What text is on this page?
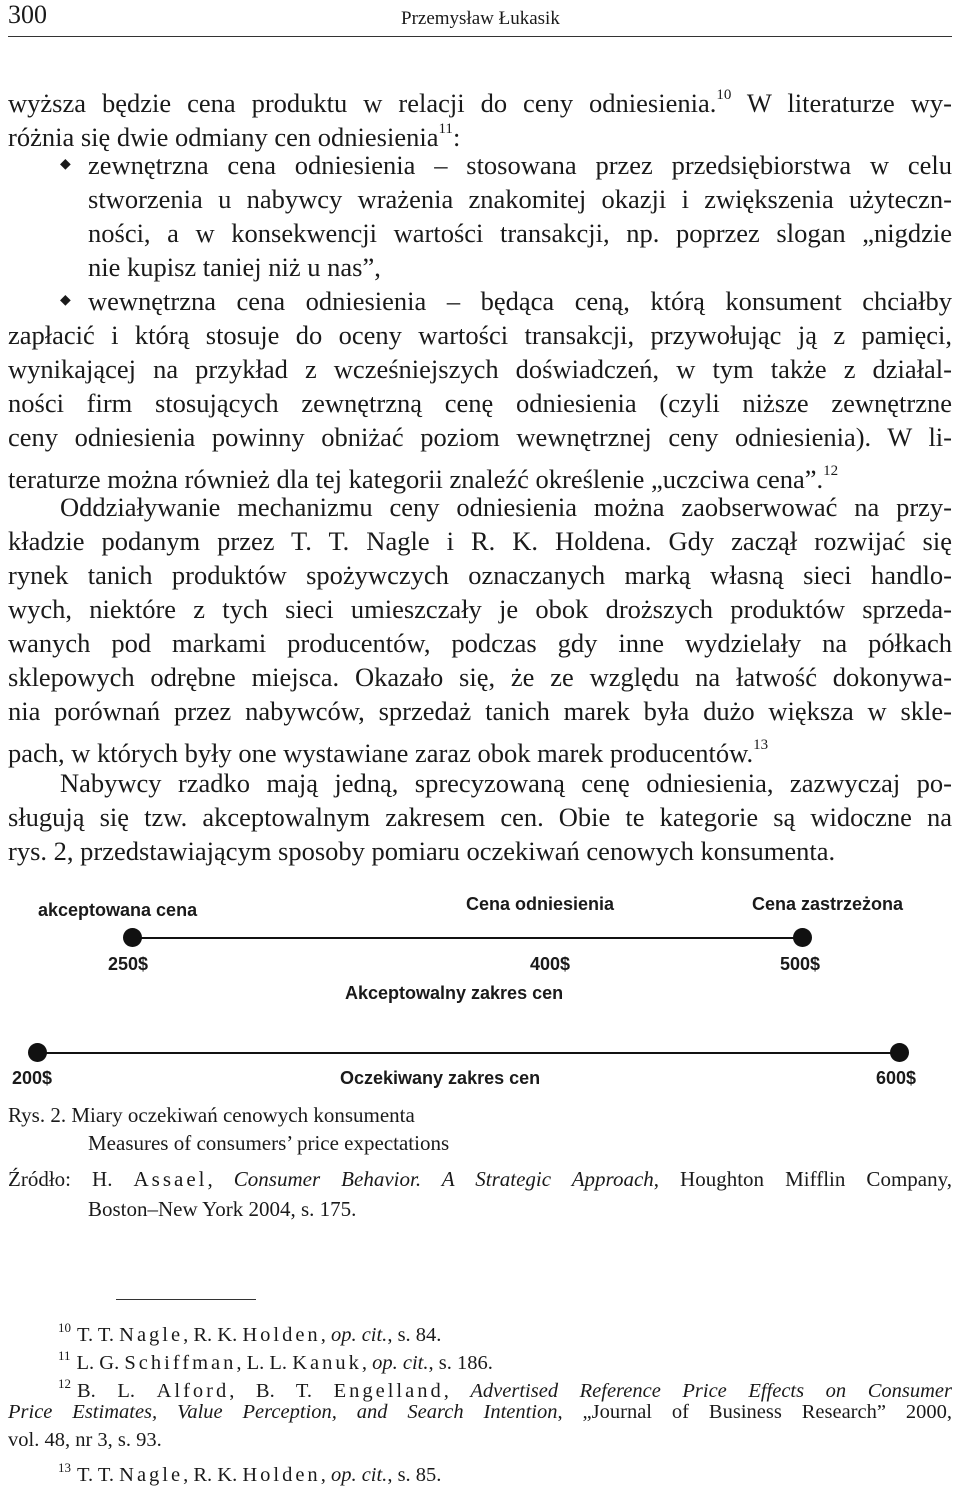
300	Przemysław Łukasik
wyższa będzie cena produktu w relacji do ceny odniesienia.$^{10}$ W literaturze wy-
różnia się dwie odmiany cen odniesienia$^{11}$:
◆ zewnętrzna cena odniesienia – stosowana przez przedsiębiorstwa w celu
stworzenia u nabywcy wrażenia znakomitej okazji i zwiększenia użyteczn-
ności, a w konsekwencji wartości transakcji, np. poprzez slogan „nigdzie
nie kupisz taniej niż u nas”,
◆ wewnętrzna cena odniesienia – będąca ceną, którą konsument chciałby
zapłacić i którą stosuje do oceny wartości transakcji, przywołując ją z pamięci,
wynikającej na przykład z wcześniejszych doświadczeń, w tym także z działal-
ności firm stosujących zewnętrzną cenę odniesienia (czyli niższe zewnętrzne
ceny odniesienia powinny obniżać poziom wewnętrznej ceny odniesienia). W li-
teraturze można również dla tej kategorii znaleźć określenie „uczciwa cena”.$^{12}$
Oddziaływanie mechanizmu ceny odniesienia można zaobserwować na przy-
kładzie podanym przez T. T. Nagle i R. K. Holdena. Gdy zaczął rozwijać się
rynek tanich produktów spożywczych oznaczanych marką własną sieci handlo-
wych, niektóre z tych sieci umieszczały je obok droższych produktów sprzeda-
wanych pod markami producentów, podczas gdy inne wydzielały na półkach
sklepowych odrębne miejsca. Okazało się, że ze względu na łatwość dokonywa-
nia porównań przez nabywców, sprzedaż tanich marek była dużo większa w skle-
pach, w których były one wystawiane zaraz obok marek producentów.$^{13}$
Nabywcy rzadko mają jedną, sprecyzowaną cenę odniesienia, zazwyczaj po-
sługują się tzw. akceptowalnym zakresem cen. Obie te kategorie są widoczne na
rys. 2, przedstawiającym sposoby pomiaru oczekiwań cenowych konsumenta.
akceptowana cena	Cena odniesienia	Cena zastrzeżona
250$	400$	500$
Akceptowalny zakres cen
200$	Oczekiwany zakres cen	600$
Rys. 2. Miary oczekiwań cenowych konsumenta
Measures of consumers’ price expectations
Źródło: H. Assael, Consumer Behavior. A Strategic Approach, Houghton Mifflin Company,
Boston–New York 2004, s. 175.
$^{10}$ T. T. Nagle, R. K. Holden, op. cit., s. 84.
$^{11}$ L. G. Schiffman, L. L. Kanuk, op. cit., s. 186.
$^{12}$ B. L. Alford, B. T. Engelland, Advertised Reference Price Effects on Consumer
Price Estimates, Value Perception, and Search Intention, „Journal of Business Research” 2000,
vol. 48, nr 3, s. 93.
$^{13}$ T. T. Nagle, R. K. Holden, op. cit., s. 85.
